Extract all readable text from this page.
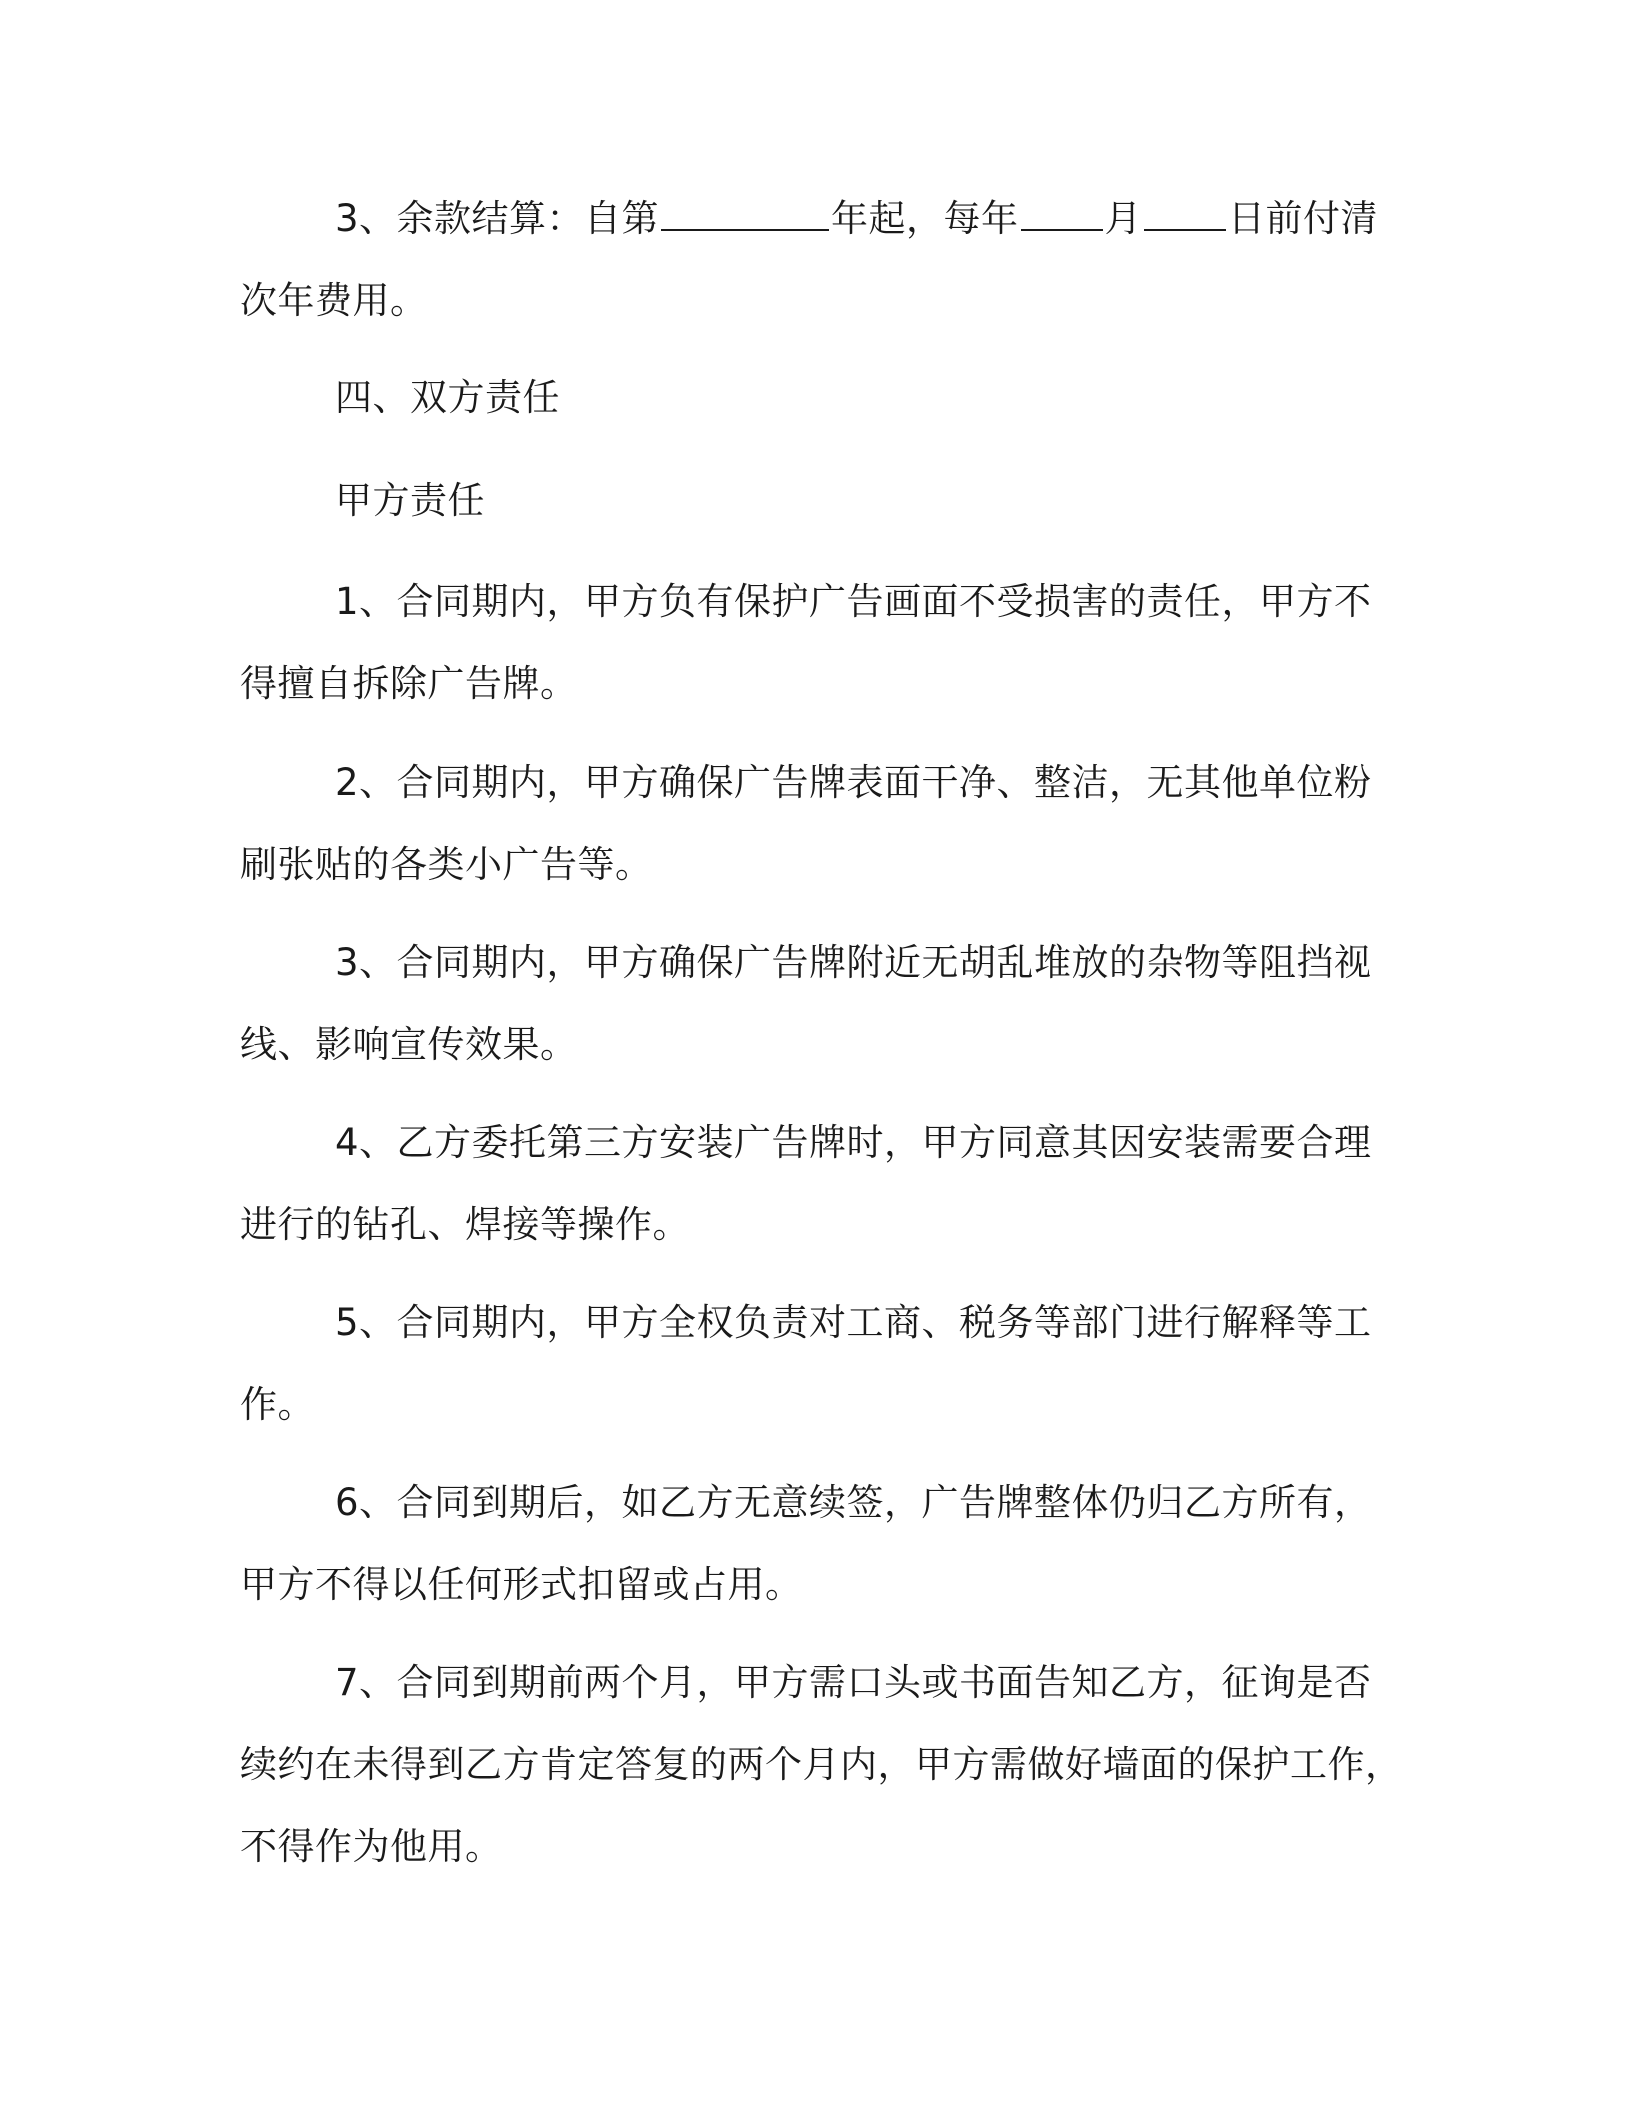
3、余款结算：自第	年起，每年 月 日前付清
次年费用。
四、双方责任
甲方责任
1、合同期内，甲方负有保护广告画面不受损害的责任，甲方不
得擅自拆除广告牌。
2、合同期内，甲方确保广告牌表面干净、整洁，无其他单位粉
刷张贴的各类小广告等。
3、合同期内，甲方确保广告牌附近无胡乱堆放的杂物等阻挡视
线、影响宣传效果。
4、乙方委托第三方安装广告牌时，甲方同意其因安装需要合理
进行的钻孔、焊接等操作。
5、合同期内，甲方全权负责对工商、税务等部门进行解释等工
作。
6、合同到期后，如乙方无意续签，广告牌整体仍归乙方所有，
甲方不得以任何形式扣留或占用。
7、合同到期前两个月，甲方需口头或书面告知乙方，征询是否
续约在未得到乙方肯定答复的两个月内，甲方需做好墙面的保护工作，
不得作为他用。
